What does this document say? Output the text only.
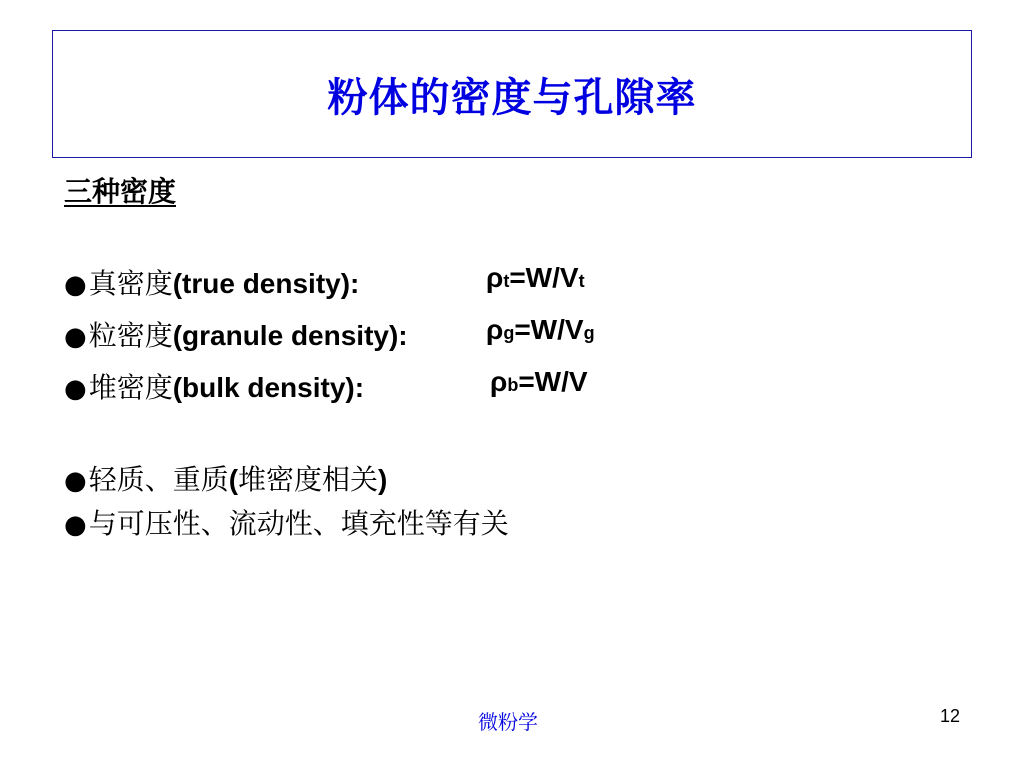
粉体的密度与孔隙率
三种密度
● 真密度 (true density):	ρ t =W/V t
● 粒密度 (granule density):	ρ g =W/V g
● 堆密度 (bulk density):	ρ b =W/V
● 轻质、重质 ( 堆密度相关 )
● 与可压性、流动性、填充性等有关
微粉学	12
